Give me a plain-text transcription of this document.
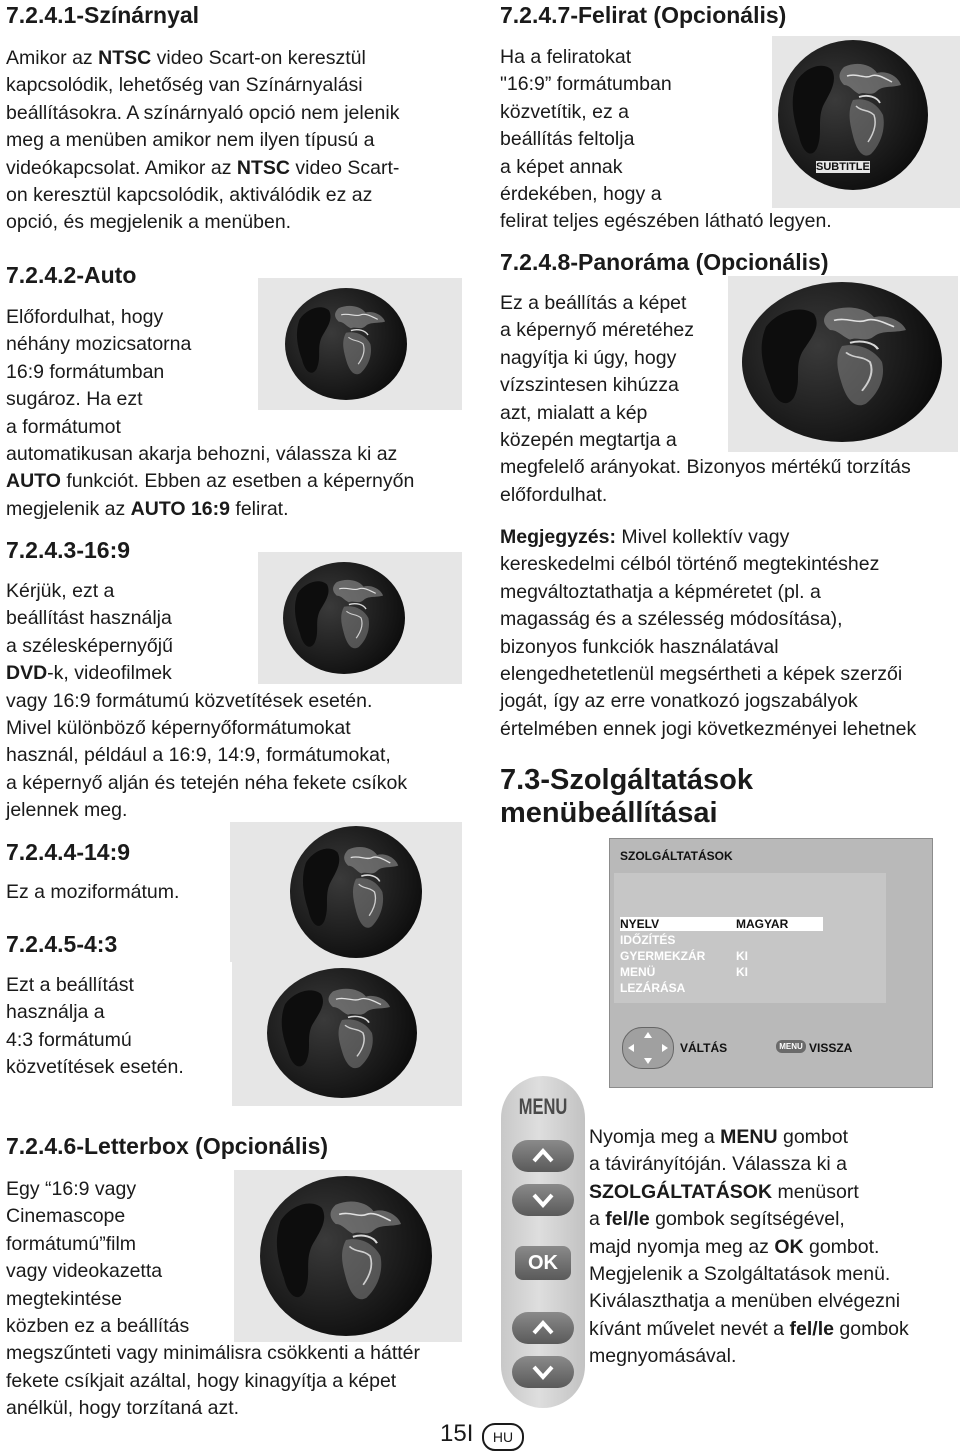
7.2.4.1-Színárnyal
Amikor az NTSC video Scart-on keresztül
kapcsolódik, lehetőség van Színárnyalási
beállításokra. A színárnyaló opció nem jelenik
meg a menüben amikor nem ilyen típusú a
videókapcsolat. Amikor az NTSC video Scart-
on keresztül kapcsolódik, aktiválódik ez az
opció, és megjelenik a menüben.
7.2.4.2-Auto
Előfordulhat, hogy
néhány mozicsatorna
16:9 formátumban
sugároz. Ha ezt
a formátumot
automatikusan akarja behozni, válassza ki az
AUTO funkciót. Ebben az esetben a képernyőn
megjelenik az AUTO 16:9 felirat.
7.2.4.3-16:9
Kérjük, ezt a
beállítást használja
a szélesképernyőjű
DVD-k, videofilmek
vagy 16:9 formátumú közvetítések esetén.
Mivel különböző képernyőformátumokat
használ, például a 16:9, 14:9, formátumokat,
a képernyő alján és tetején néha fekete csíkok
jelennek meg.
7.2.4.4-14:9
Ez a moziformátum.
7.2.4.5-4:3
Ezt a beállítást
használja a
4:3 formátumú
közvetítések esetén.
7.2.4.6-Letterbox (Opcionális)
Egy “16:9 vagy
Cinemascope
formátumú”film
vagy videokazetta
megtekintése
közben ez a beállítás
megszűnteti vagy minimálisra csökkenti a háttér
fekete csíkjait azáltal, hogy kinagyítja a képet
anélkül, hogy torzítaná azt.
7.2.4.7-Felirat (Opcionális)
SUBTITLE
Ha a feliratokat
"16:9” formátumban
közvetítik, ez a
beállítás feltolja
a képet annak
érdekében, hogy a
felirat teljes egészében látható legyen.
7.2.4.8-Panoráma (Opcionális)
Ez a beállítás a képet
a képernyő méretéhez
nagyítja ki úgy, hogy
vízszintesen kihúzza
azt, mialatt a kép
közepén megtartja a
megfelelő arányokat. Bizonyos mértékű torzítás
előfordulhat.
Megjegyzés: Mivel kollektív vagy
kereskedelmi célból történő megtekintéshez
megváltoztathatja a képméretet (pl. a
magasság és a szélesség módosítása),
bizonyos funkciók használatával
elengedhetetlenül megsértheti a képek szerzői
jogát, így az erre vonatkozó jogszabályok
értelmében ennek jogi következményei lehetnek
7.3-Szolgáltatások
menübeállításai
SZOLGÁLTATÁSOK
NYELV	MAGYAR
IDŐZÍTÉS
GYERMEKZÁR	KI
MENÜ	KI
LEZÁRÁSA
VÁLTÁS	MENU VISSZA
MENU
OK
Nyomja meg a MENU gombot
a távirányítóján. Válassza ki a
SZOLGÁLTATÁSOK menüsort
a fel/le gombok segítségével,
majd nyomja meg az OK gombot.
Megjelenik a Szolgáltatások menü.
Kiválaszthatja a menüben elvégezni
kívánt művelet nevét a fel/le gombok
megnyomásával.
15I	HU
